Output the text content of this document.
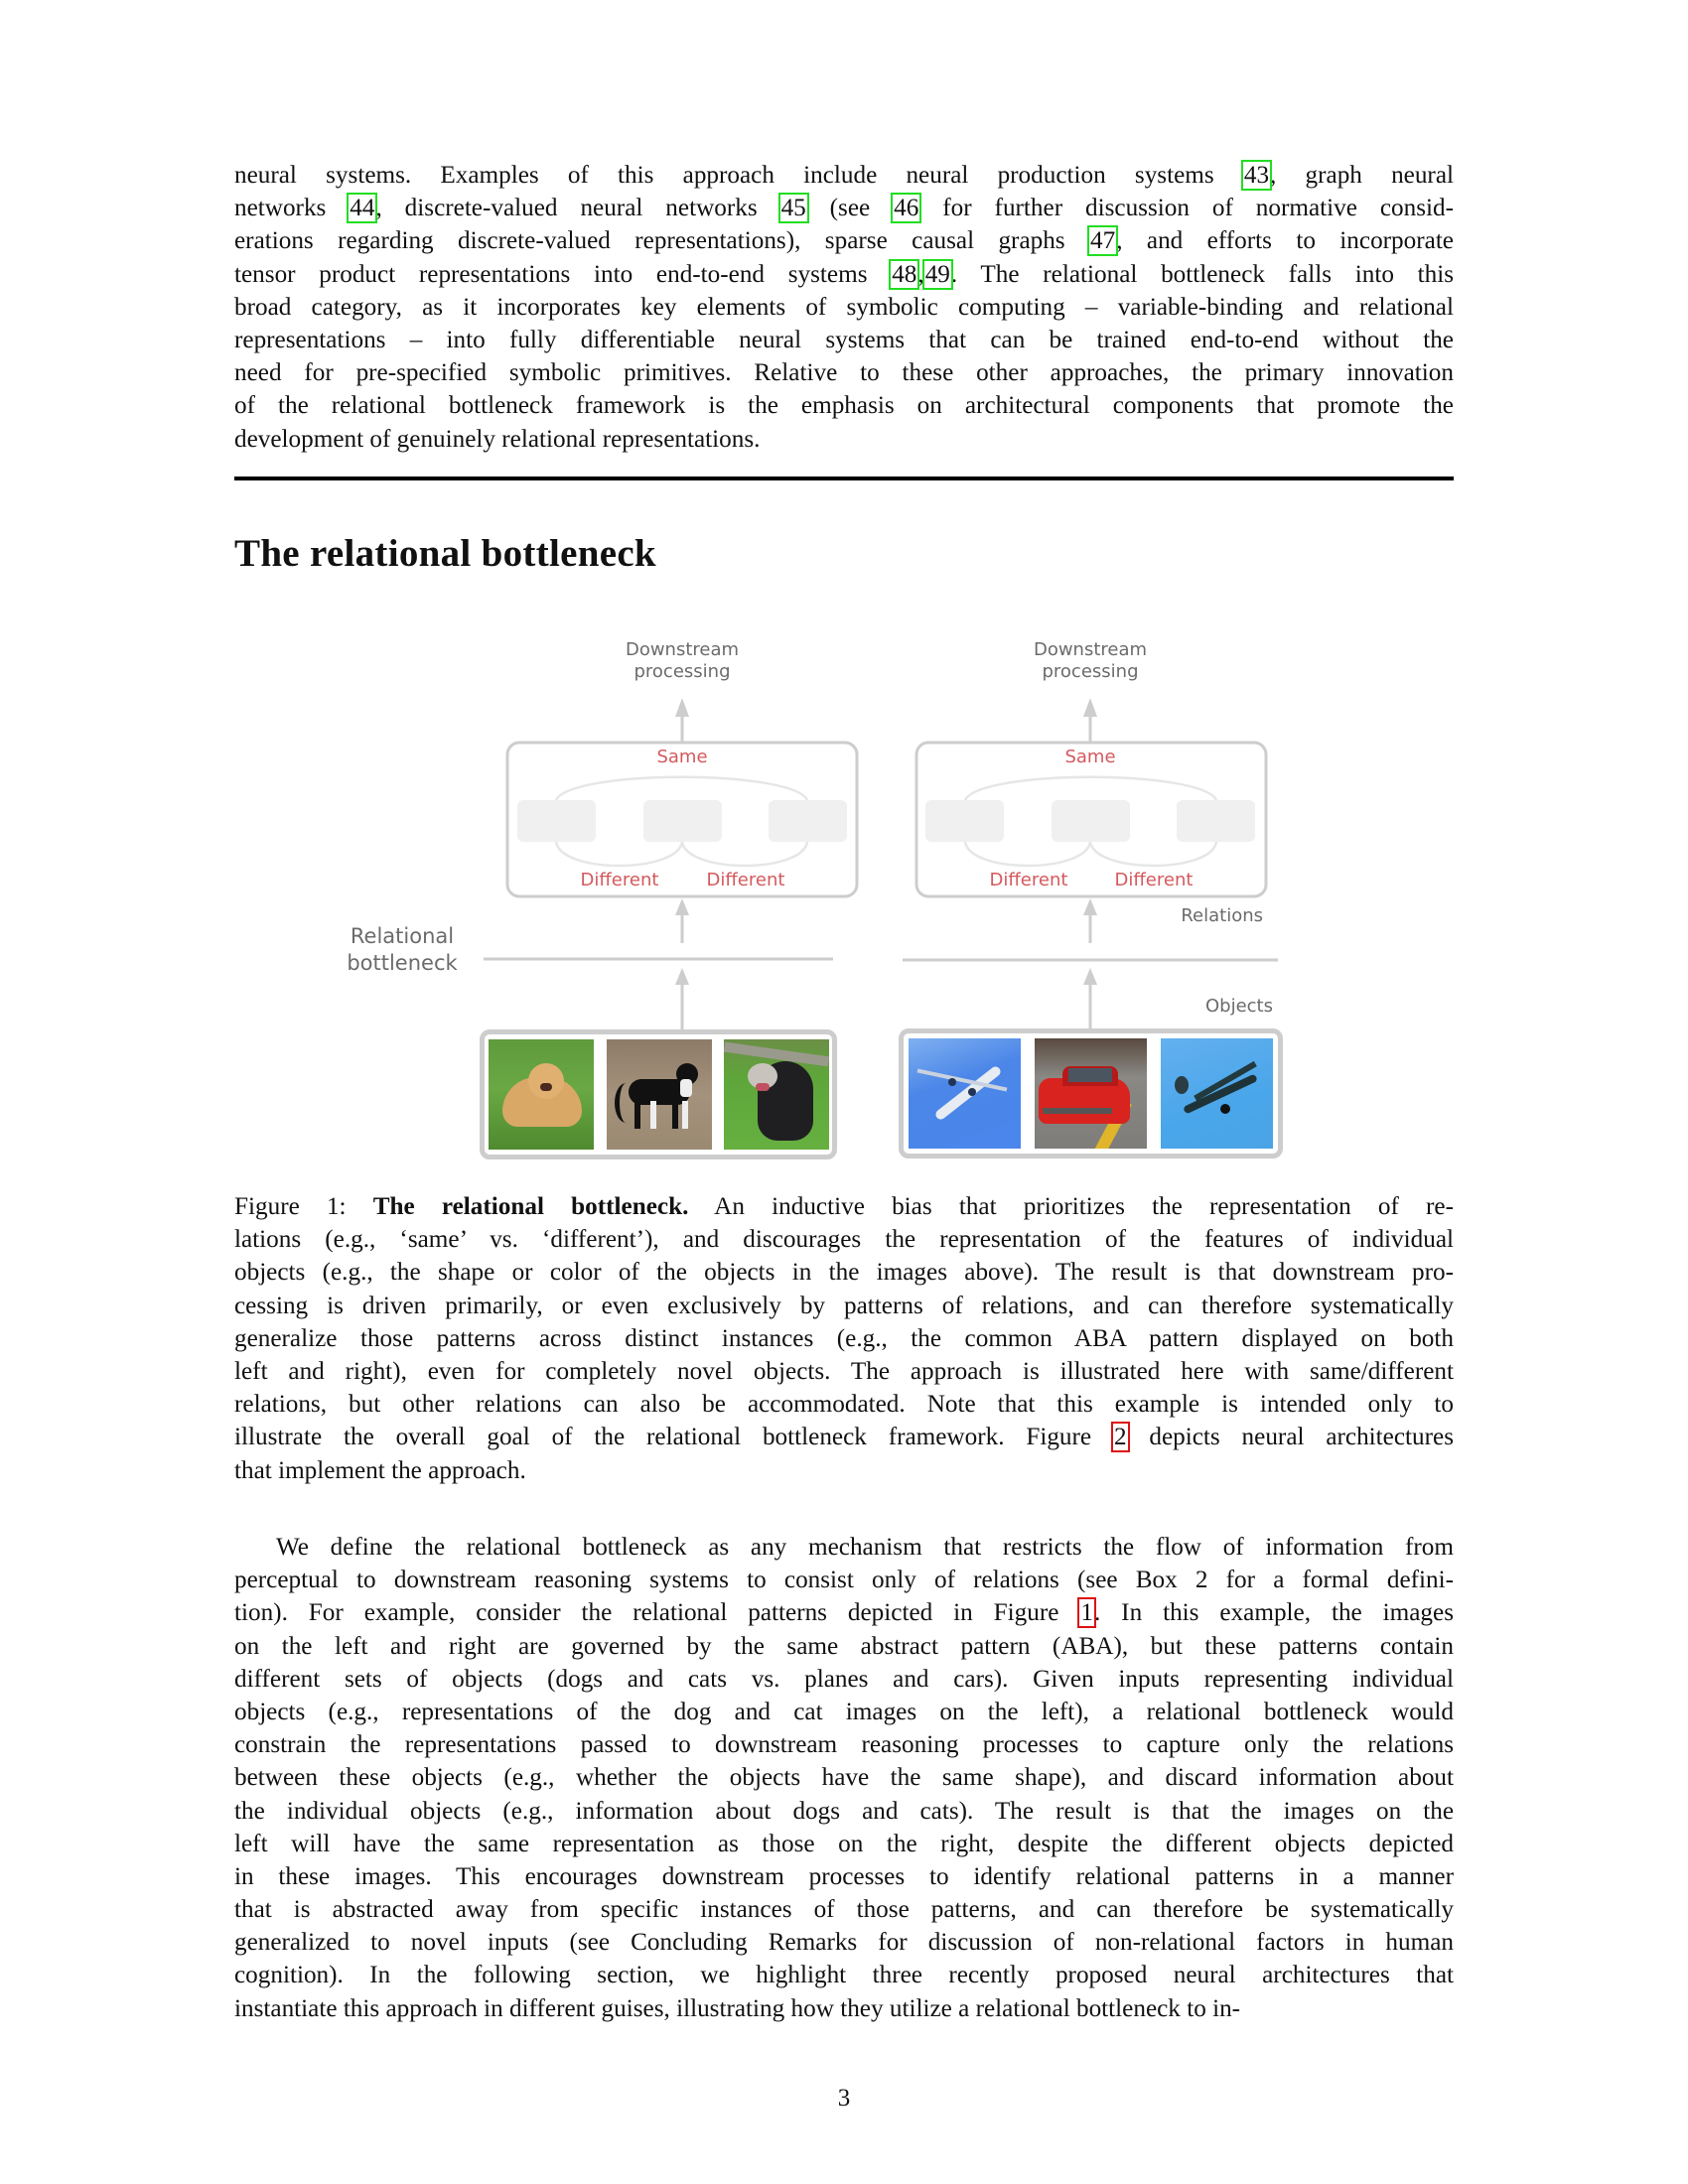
neural systems. Examples of this approach include neural production systems 43, graph neural
networks 44, discrete-valued neural networks 45 (see 46 for further discussion of normative consid-
erations regarding discrete-valued representations), sparse causal graphs 47, and efforts to incorporate
tensor product representations into end-to-end systems 48,49. The relational bottleneck falls into this
broad category, as it incorporates key elements of symbolic computing – variable-binding and relational
representations – into fully differentiable neural systems that can be trained end-to-end without the
need for pre-specified symbolic primitives. Relative to these other approaches, the primary innovation
of the relational bottleneck framework is the emphasis on architectural components that promote the
development of genuinely relational representations.
The relational bottleneck
Downstream
processing
Same
Different	Different
Relational
bottleneck
Downstream
processing
Same
Different	Different
Relations
Objects
Figure 1: The relational bottleneck. An inductive bias that prioritizes the representation of re-
lations (e.g., ‘same’ vs. ‘different’), and discourages the representation of the features of individual
objects (e.g., the shape or color of the objects in the images above). The result is that downstream pro-
cessing is driven primarily, or even exclusively by patterns of relations, and can therefore systematically
generalize those patterns across distinct instances (e.g., the common ABA pattern displayed on both
left and right), even for completely novel objects. The approach is illustrated here with same/different
relations, but other relations can also be accommodated. Note that this example is intended only to
illustrate the overall goal of the relational bottleneck framework. Figure 2 depicts neural architectures
that implement the approach.
We define the relational bottleneck as any mechanism that restricts the flow of information from
perceptual to downstream reasoning systems to consist only of relations (see Box 2 for a formal defini-
tion). For example, consider the relational patterns depicted in Figure 1. In this example, the images
on the left and right are governed by the same abstract pattern (ABA), but these patterns contain
different sets of objects (dogs and cats vs. planes and cars). Given inputs representing individual
objects (e.g., representations of the dog and cat images on the left), a relational bottleneck would
constrain the representations passed to downstream reasoning processes to capture only the relations
between these objects (e.g., whether the objects have the same shape), and discard information about
the individual objects (e.g., information about dogs and cats). The result is that the images on the
left will have the same representation as those on the right, despite the different objects depicted
in these images. This encourages downstream processes to identify relational patterns in a manner
that is abstracted away from specific instances of those patterns, and can therefore be systematically
generalized to novel inputs (see Concluding Remarks for discussion of non-relational factors in human
cognition). In the following section, we highlight three recently proposed neural architectures that
instantiate this approach in different guises, illustrating how they utilize a relational bottleneck to in-
3
